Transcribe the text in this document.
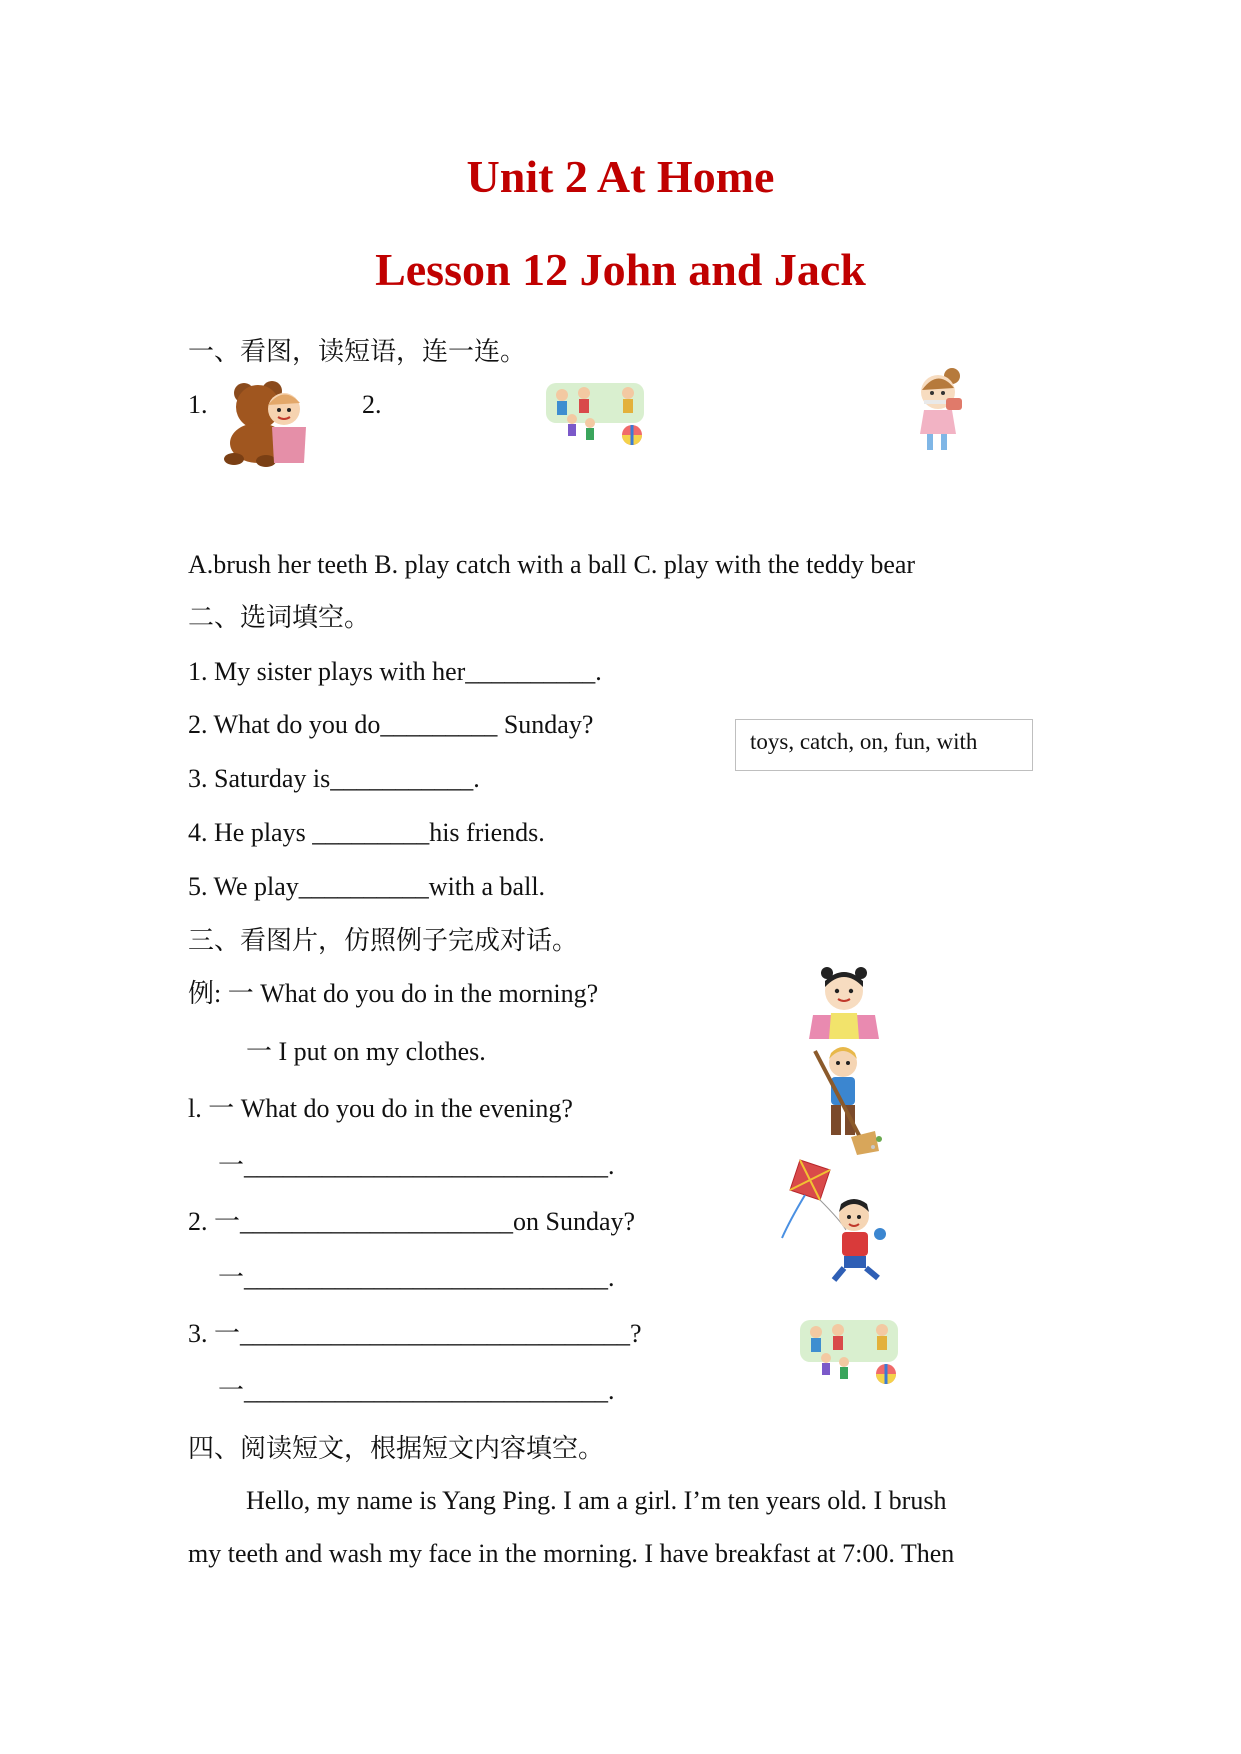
Unit 2 At Home
Lesson 12 John and Jack
一、看图，读短语，连一连。
1.	2.
A.brush her teeth B. play catch with a ball C. play with the teddy bear
二、选词填空。
1. My sister plays with her__________.
2. What do you do_________ Sunday?
3. Saturday is___________.
4. He plays _________his friends.
5. We play__________with a ball.
toys, catch, on, fun, with
三、看图片，仿照例子完成对话。
例: 一 What do you do in the morning?
一 I put on my clothes.
l. 一 What do you do in the evening?
一____________________________.
2. 一_____________________on Sunday?
一____________________________.
3. 一______________________________?
一____________________________.
四、阅读短文，根据短文内容填空。
Hello, my name is Yang Ping. I am a girl. I’m ten years old. I brush
my teeth and wash my face in the morning. I have breakfast at 7:00. Then
